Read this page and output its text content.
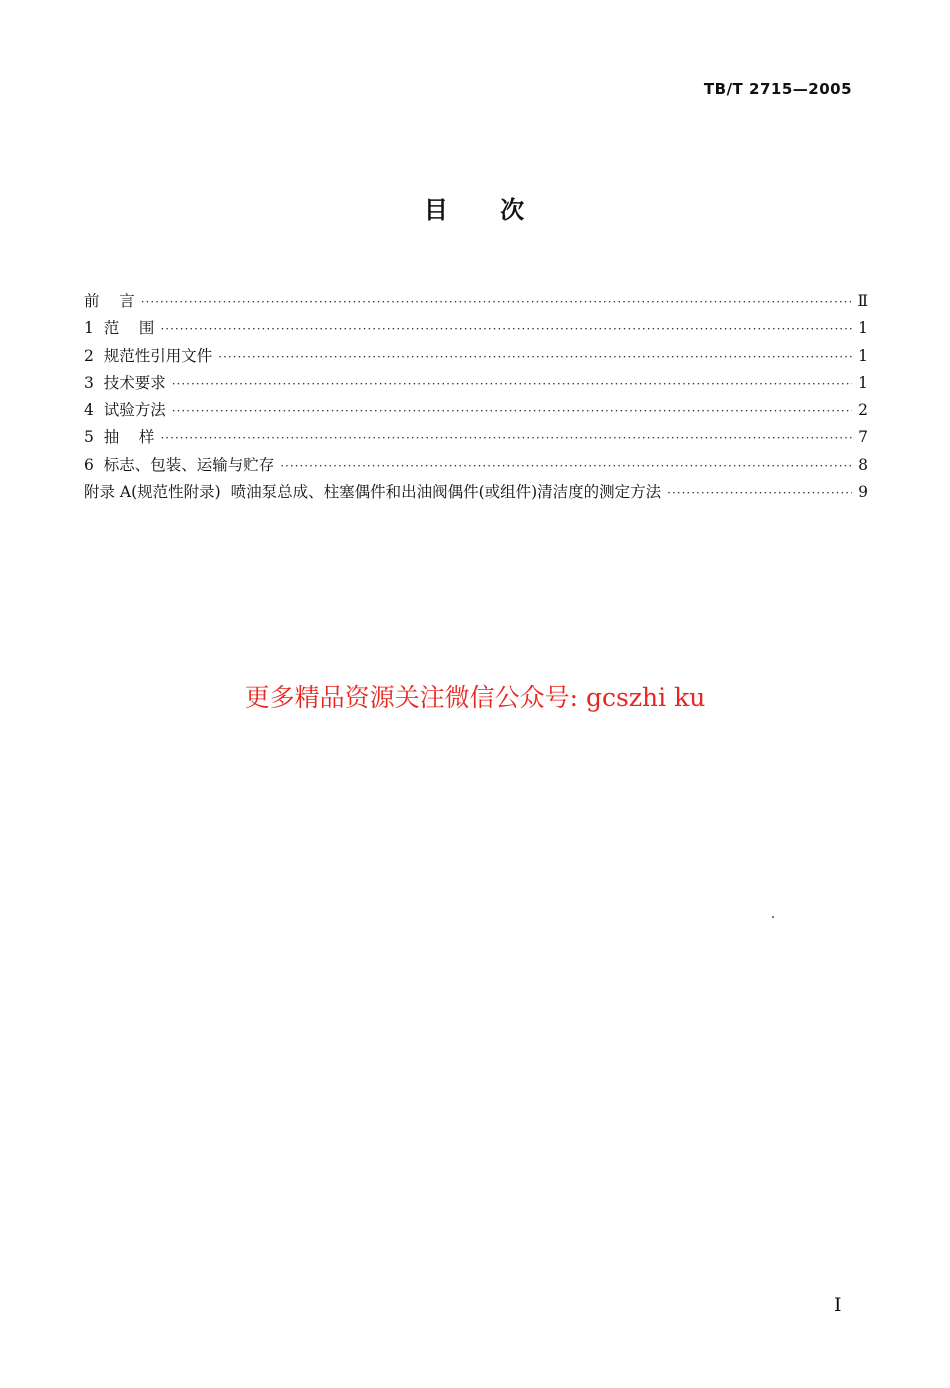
TB/T 2715—2005
目 次
前    言 ·····	Ⅱ
1  范    围 ·····	1
2  规范性引用文件 ·····	1
3  技术要求 ·····	1
4  试验方法 ·····	2
5  抽    样 ·····	7
6  标志、包装、运输与贮存 ·····	8
附录 A(规范性附录)  喷油泵总成、柱塞偶件和出油阀偶件(或组件)清洁度的测定方法 ·····	9
更多精品资源关注微信公众号: gcszhi ku
I
